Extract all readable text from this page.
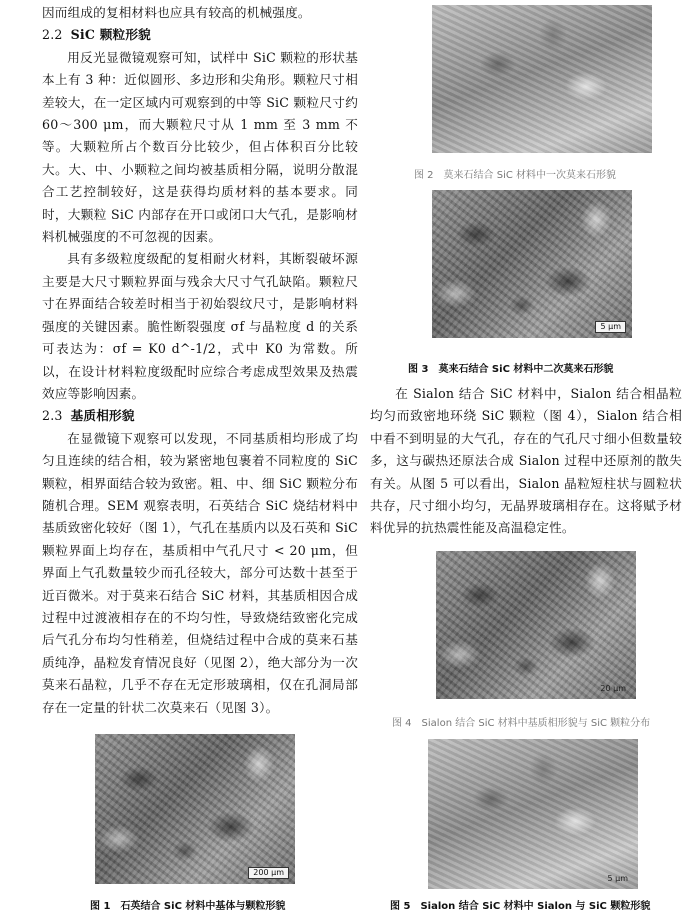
因而组成的复相材料也应具有较高的机械强度。

2.2 SiC 颗粒形貌

用反光显微镜观察可知，试样中 SiC 颗粒的形状基本上有 3 种：近似圆形、多边形和尖角形。颗粒尺寸相差较大，在一定区域内可观察到的中等 SiC 颗粒尺寸约 60～300 μm，而大颗粒尺寸从 1 mm 至 3 mm 不等。大颗粒所占个数百分比较少，但占体积百分比较大。大、中、小颗粒之间均被基质相分隔，说明分散混合工艺控制较好，这是获得均质材料的基本要求。同时，大颗粒 SiC 内部存在开口或闭口大气孔，是影响材料机械强度的不可忽视的因素。

具有多级粒度级配的复相耐火材料，其断裂破坏源主要是大尺寸颗粒界面与残余大尺寸气孔缺陷。颗粒尺寸在界面结合较差时相当于初始裂纹尺寸，是影响材料强度的关键因素。脆性断裂强度 σf 与晶粒度 d 的关系可表达为：σf = K0 d^-1/2，式中 K0 为常数。所以，在设计材料粒度级配时应综合考虑成型效果及热震效应等影响因素。

2.3 基质相形貌

在显微镜下观察可以发现，不同基质相均形成了均匀且连续的结合相，较为紧密地包裹着不同粒度的 SiC 颗粒，相界面结合较为致密。粗、中、细 SiC 颗粒分布随机合理。SEM 观察表明，石英结合 SiC 烧结材料中基质致密化较好（图 1），气孔在基质内以及石英和 SiC 颗粒界面上均存在，基质相中气孔尺寸 < 20 μm，但界面上气孔数量较少而孔径较大，部分可达数十甚至于近百微米。对于莫来石结合 SiC 材料，其基质相因合成过程中过渡液相存在的不均匀性，导致烧结致密化完成后气孔分布均匀性稍差，但烧结过程中合成的莫来石基质纯净，晶粒发育情况良好（见图 2），绝大部分为一次莫来石晶粒，几乎不存在无定形玻璃相，仅在孔洞局部存在一定量的针状二次莫来石（见图 3）。

200 μm
图 1 石英结合 SiC 材料中基体与颗粒形貌
图 2 莫来石结合 SiC 材料中一次莫来石形貌
5 μm
图 3 莫来石结合 SiC 材料中二次莫来石形貌

在 Sialon 结合 SiC 材料中，Sialon 结合相晶粒均匀而致密地环绕 SiC 颗粒（图 4），Sialon 结合相中看不到明显的大气孔，存在的气孔尺寸细小但数量较多，这与碳热还原法合成 Sialon 过程中还原剂的散失有关。从图 5 可以看出，Sialon 晶粒短柱状与圆粒状共存，尺寸细小均匀，无晶界玻璃相存在。这将赋予材料优异的抗热震性能及高温稳定性。

20 μm
图 4 Sialon 结合 SiC 材料中基质相形貌与 SiC 颗粒分布
5 μm
图 5 Sialon 结合 SiC 材料中 Sialon 与 SiC 颗粒形貌
